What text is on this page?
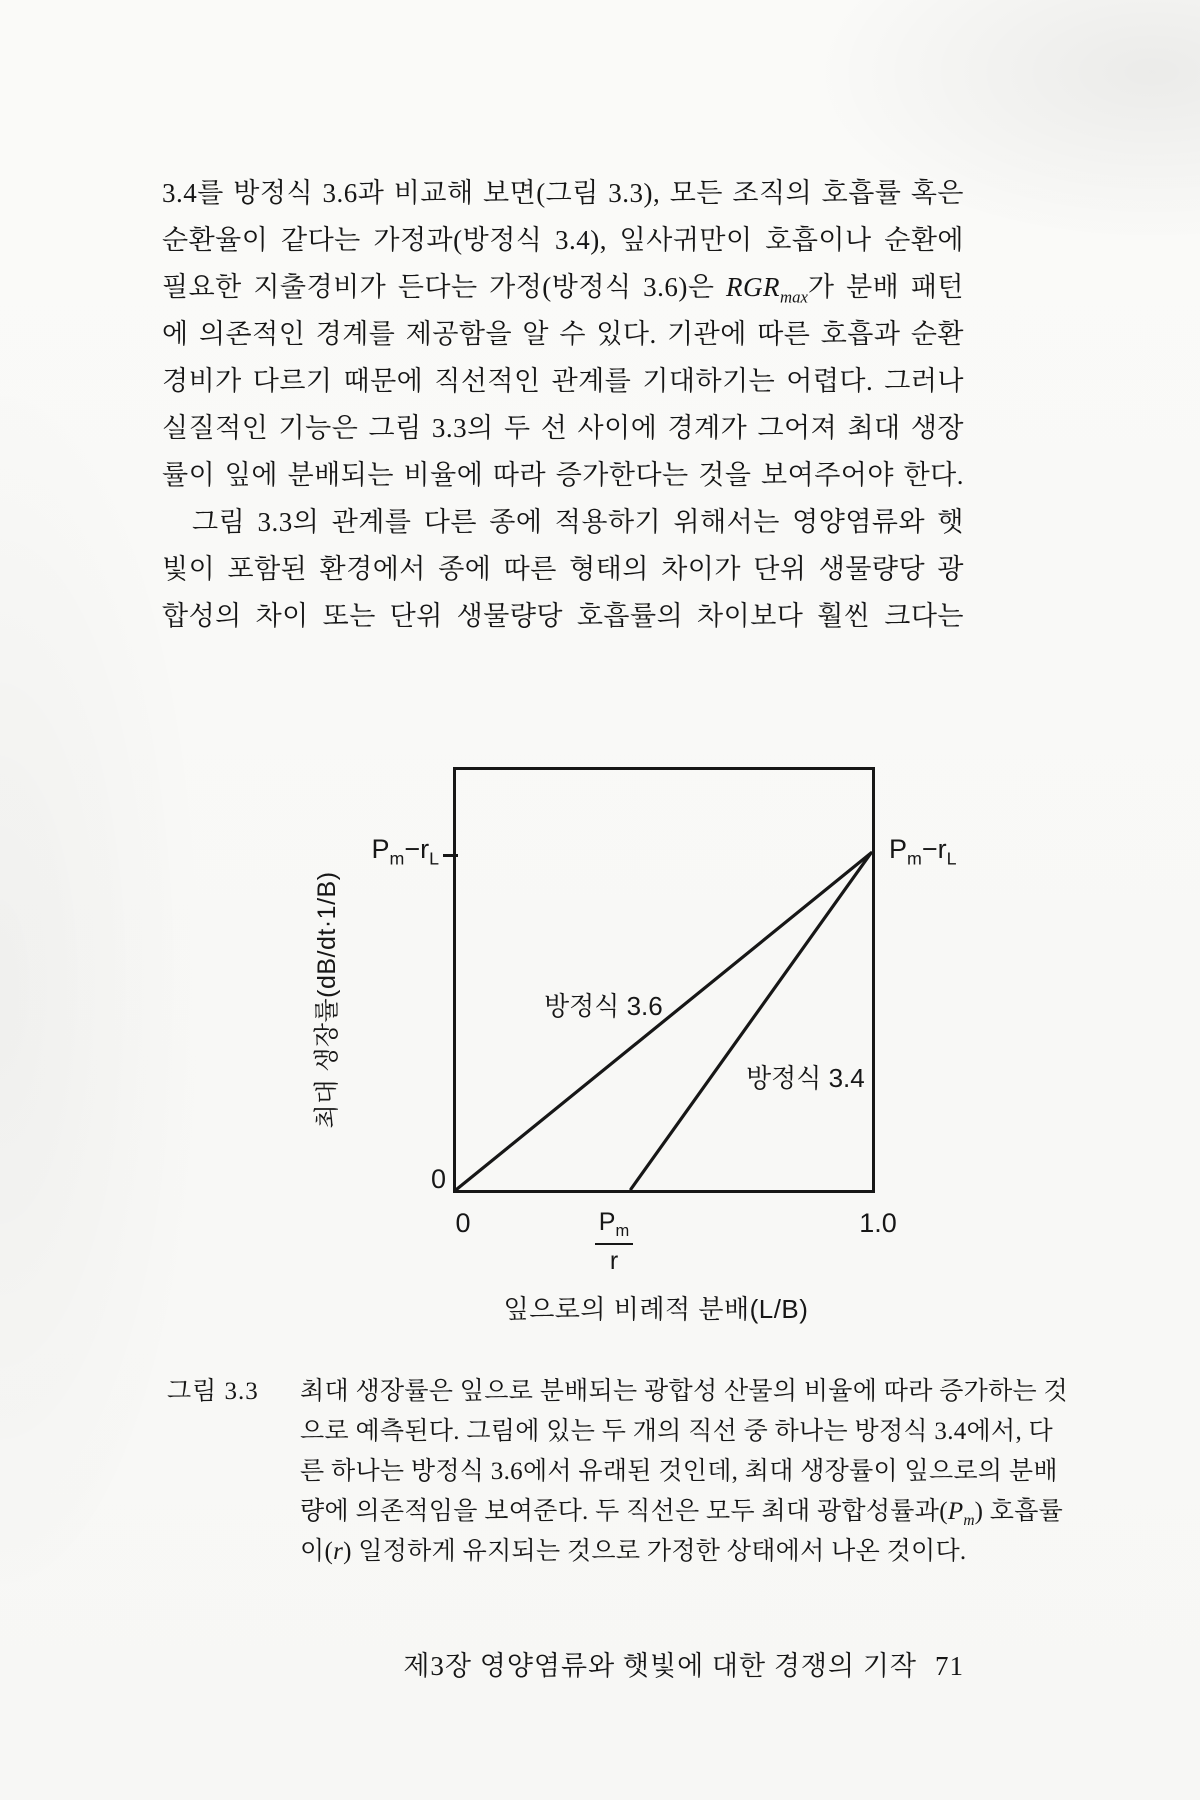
3.4를 방정식 3.6과 비교해 보면(그림 3.3), 모든 조직의 호흡률 혹은
순환율이 같다는 가정과(방정식 3.4), 잎사귀만이 호흡이나 순환에
필요한 지출경비가 든다는 가정(방정식 3.6)은 $RGR_{max}$가 분배 패턴
에 의존적인 경계를 제공함을 알 수 있다. 기관에 따른 호흡과 순환
경비가 다르기 때문에 직선적인 관계를 기대하기는 어렵다. 그러나
실질적인 기능은 그림 3.3의 두 선 사이에 경계가 그어져 최대 생장
률이 잎에 분배되는 비율에 따라 증가한다는 것을 보여주어야 한다.
그림 3.3의 관계를 다른 종에 적용하기 위해서는 영양염류와 햇
빛이 포함된 환경에서 종에 따른 형태의 차이가 단위 생물량당 광
합성의 차이 또는 단위 생물량당 호흡률의 차이보다 훨씬 크다는
$P_m-r_L$	$P_m-r_L$
방정식 3.6
방정식 3.4
0
0	1.0
$\frac{P_m}{r}$
잎으로의 비례적 분배(L/B)
최대 생장률(dB/dt·1/B)
그림 3.3 최대 생장률은 잎으로 분배되는 광합성 산물의 비율에 따라 증가하는 것
으로 예측된다. 그림에 있는 두 개의 직선 중 하나는 방정식 3.4에서, 다
른 하나는 방정식 3.6에서 유래된 것인데, 최대 생장률이 잎으로의 분배
량에 의존적임을 보여준다. 두 직선은 모두 최대 광합성률과$(P_m)$ 호흡률
이(r) 일정하게 유지되는 것으로 가정한 상태에서 나온 것이다.
제3장 영양염류와 햇빛에 대한 경쟁의 기작 71
